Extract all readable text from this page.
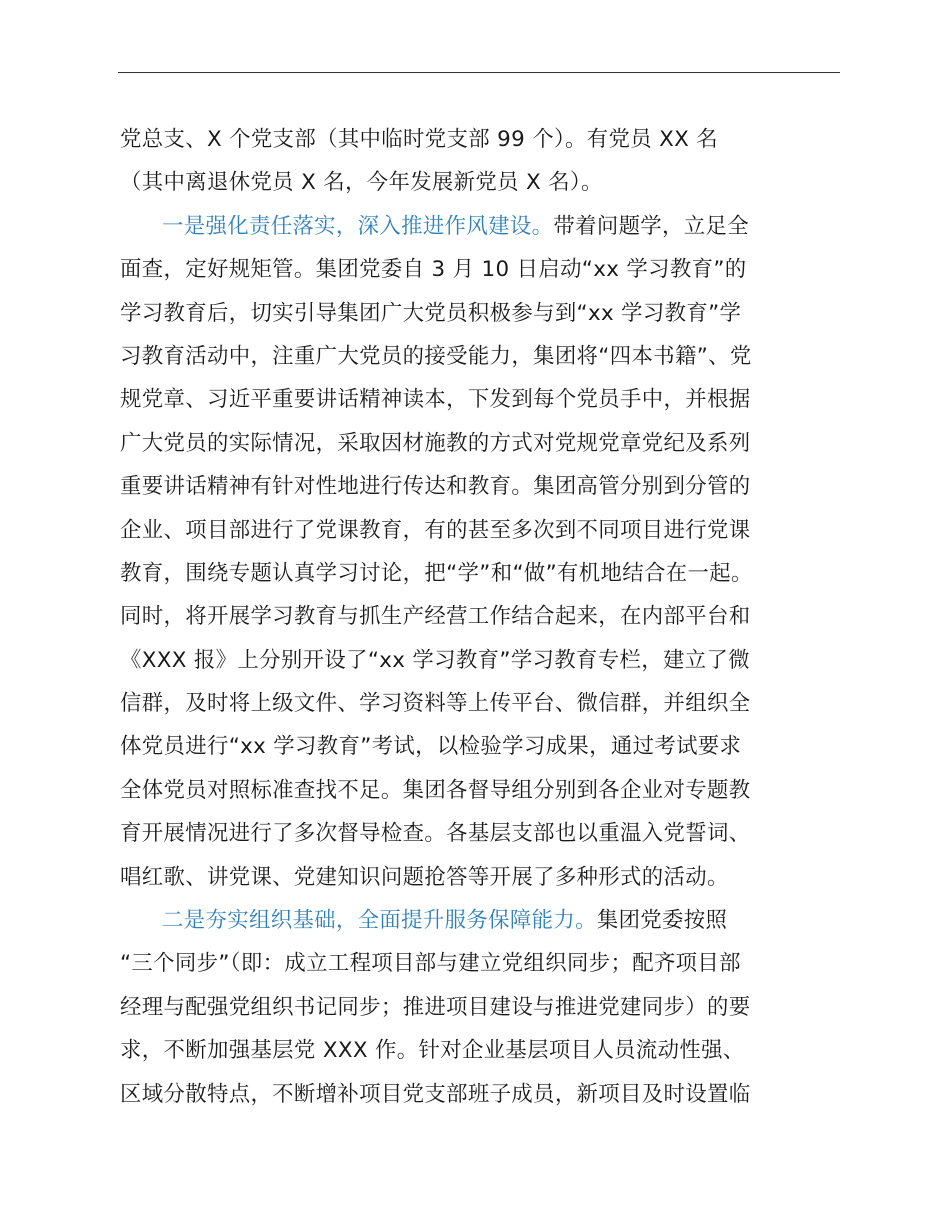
党总支、X 个党支部（其中临时党支部 99 个）。有党员 XX 名
（其中离退休党员 X 名，今年发展新党员 X 名）。
一是强化责任落实，深入推进作风建设。带着问题学，立足全
面查，定好规矩管。集团党委自 3 月 10 日启动“xx 学习教育”的
学习教育后，切实引导集团广大党员积极参与到“xx 学习教育”学
习教育活动中，注重广大党员的接受能力，集团将“四本书籍”、党
规党章、习近平重要讲话精神读本，下发到每个党员手中，并根据
广大党员的实际情况，采取因材施教的方式对党规党章党纪及系列
重要讲话精神有针对性地进行传达和教育。集团高管分别到分管的
企业、项目部进行了党课教育，有的甚至多次到不同项目进行党课
教育，围绕专题认真学习讨论，把“学”和“做”有机地结合在一起。
同时，将开展学习教育与抓生产经营工作结合起来，在内部平台和
《XXX 报》上分别开设了“xx 学习教育”学习教育专栏，建立了微
信群，及时将上级文件、学习资料等上传平台、微信群，并组织全
体党员进行“xx 学习教育”考试，以检验学习成果，通过考试要求
全体党员对照标准查找不足。集团各督导组分别到各企业对专题教
育开展情况进行了多次督导检查。各基层支部也以重温入党誓词、
唱红歌、讲党课、党建知识问题抢答等开展了多种形式的活动。
二是夯实组织基础，全面提升服务保障能力。集团党委按照
“三个同步”（即：成立工程项目部与建立党组织同步；配齐项目部
经理与配强党组织书记同步；推进项目建设与推进党建同步）的要
求，不断加强基层党 XXX 作。针对企业基层项目人员流动性强、
区域分散特点，不断增补项目党支部班子成员，新项目及时设置临
